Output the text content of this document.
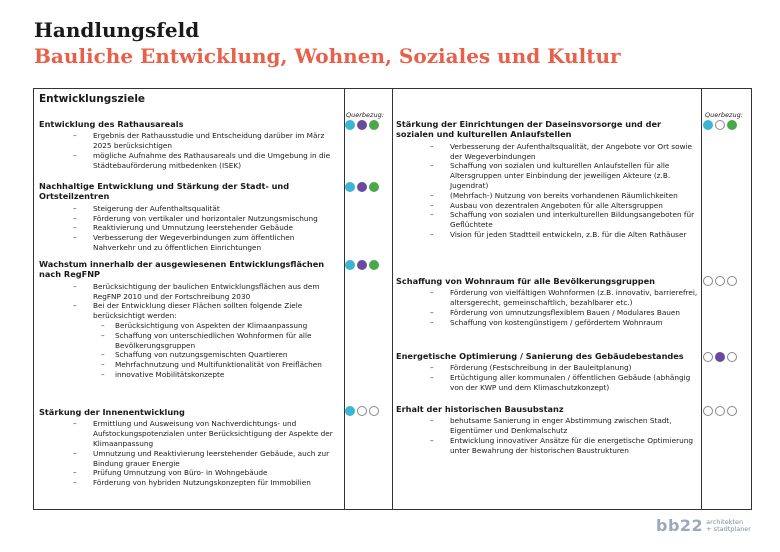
Handlungsfeld
Bauliche Entwicklung, Wohnen, Soziales und Kultur
Entwicklungsziele
Querbezug:	Querbezug:
Entwicklung des Rathausareals
– Ergebnis der Rathausstudie und Entscheidung darüber im März 2025 berücksichtigen
– mögliche Aufnahme des Rathausareals und die Umgebung in die Städtebauförderung mitbedenken (ISEK)
Nachhaltige Entwicklung und Stärkung der Stadt- und Ortsteilzentren
– Steigerung der Aufenthaltsqualität
– Förderung von vertikaler und horizontaler Nutzungsmischung
– Reaktivierung und Umnutzung leerstehender Gebäude
– Verbesserung der Wegeverbindungen zum öffentlichen Nahverkehr und zu öffentlichen Einrichtungen
Wachstum innerhalb der ausgewiesenen Entwicklungsflächen nach RegFNP
– Berücksichtigung der baulichen Entwicklungsflächen aus dem RegFNP 2010 und der Fortschreibung 2030
– Bei der Entwicklung dieser Flächen sollten folgende Ziele berücksichtigt werden:
– Berücksichtigung von Aspekten der Klimaanpassung
– Schaffung von unterschiedlichen Wohnformen für alle Bevölkerungsgruppen
– Schaffung von nutzungsgemischten Quartieren
– Mehrfachnutzung und Multifunktionalität von Freiflächen
– innovative Mobilitätskonzepte
Stärkung der Innenentwicklung
– Ermittlung und Ausweisung von Nachverdichtungs- und Aufstockungspotenzialen unter Berücksichtigung der Aspekte der Klimaanpassung
– Umnutzung und Reaktivierung leerstehender Gebäude, auch zur Bindung grauer Energie
– Prüfung Umnutzung von Büro- in Wohngebäude
– Förderung von hybriden Nutzungskonzepten für Immobilien
Stärkung der Einrichtungen der Daseinsvorsorge und der sozialen und kulturellen Anlaufstellen
– Verbesserung der Aufenthaltsqualität, der Angebote vor Ort sowie der Wegeverbindungen
– Schaffung von sozialen und kulturellen Anlaufstellen für alle Altersgruppen unter Einbindung der jeweiligen Akteure (z.B. Jugendrat)
– (Mehrfach-) Nutzung von bereits vorhandenen Räumlichkeiten
– Ausbau von dezentralen Angeboten für alle Altersgruppen
– Schaffung von sozialen und interkulturellen Bildungsangeboten für Geflüchtete
– Vision für jeden Stadtteil entwickeln, z.B. für die Alten Rathäuser
Schaffung von Wohnraum für alle Bevölkerungsgruppen
– Förderung von vielfältigen Wohnformen (z.B. innovativ, barrierefrei, altersgerecht, gemeinschaftlich, bezahlbarer etc.)
– Förderung von umnutzungsflexiblem Bauen / Modulares Bauen
– Schaffung von kostengünstigem / gefördertem Wohnraum
Energetische Optimierung / Sanierung des Gebäudebestandes
– Förderung (Festschreibung in der Bauleitplanung)
– Ertüchtigung aller kommunalen / öffentlichen Gebäude (abhängig von der KWP und dem Klimaschutzkonzept)
Erhalt der historischen Bausubstanz
– behutsame Sanierung in enger Abstimmung zwischen Stadt, Eigentümer und Denkmalschutz
– Entwicklung innovativer Ansätze für die energetische Optimierung unter Bewahrung der historischen Baustrukturen
bb22 architekten
+ stadtplaner
